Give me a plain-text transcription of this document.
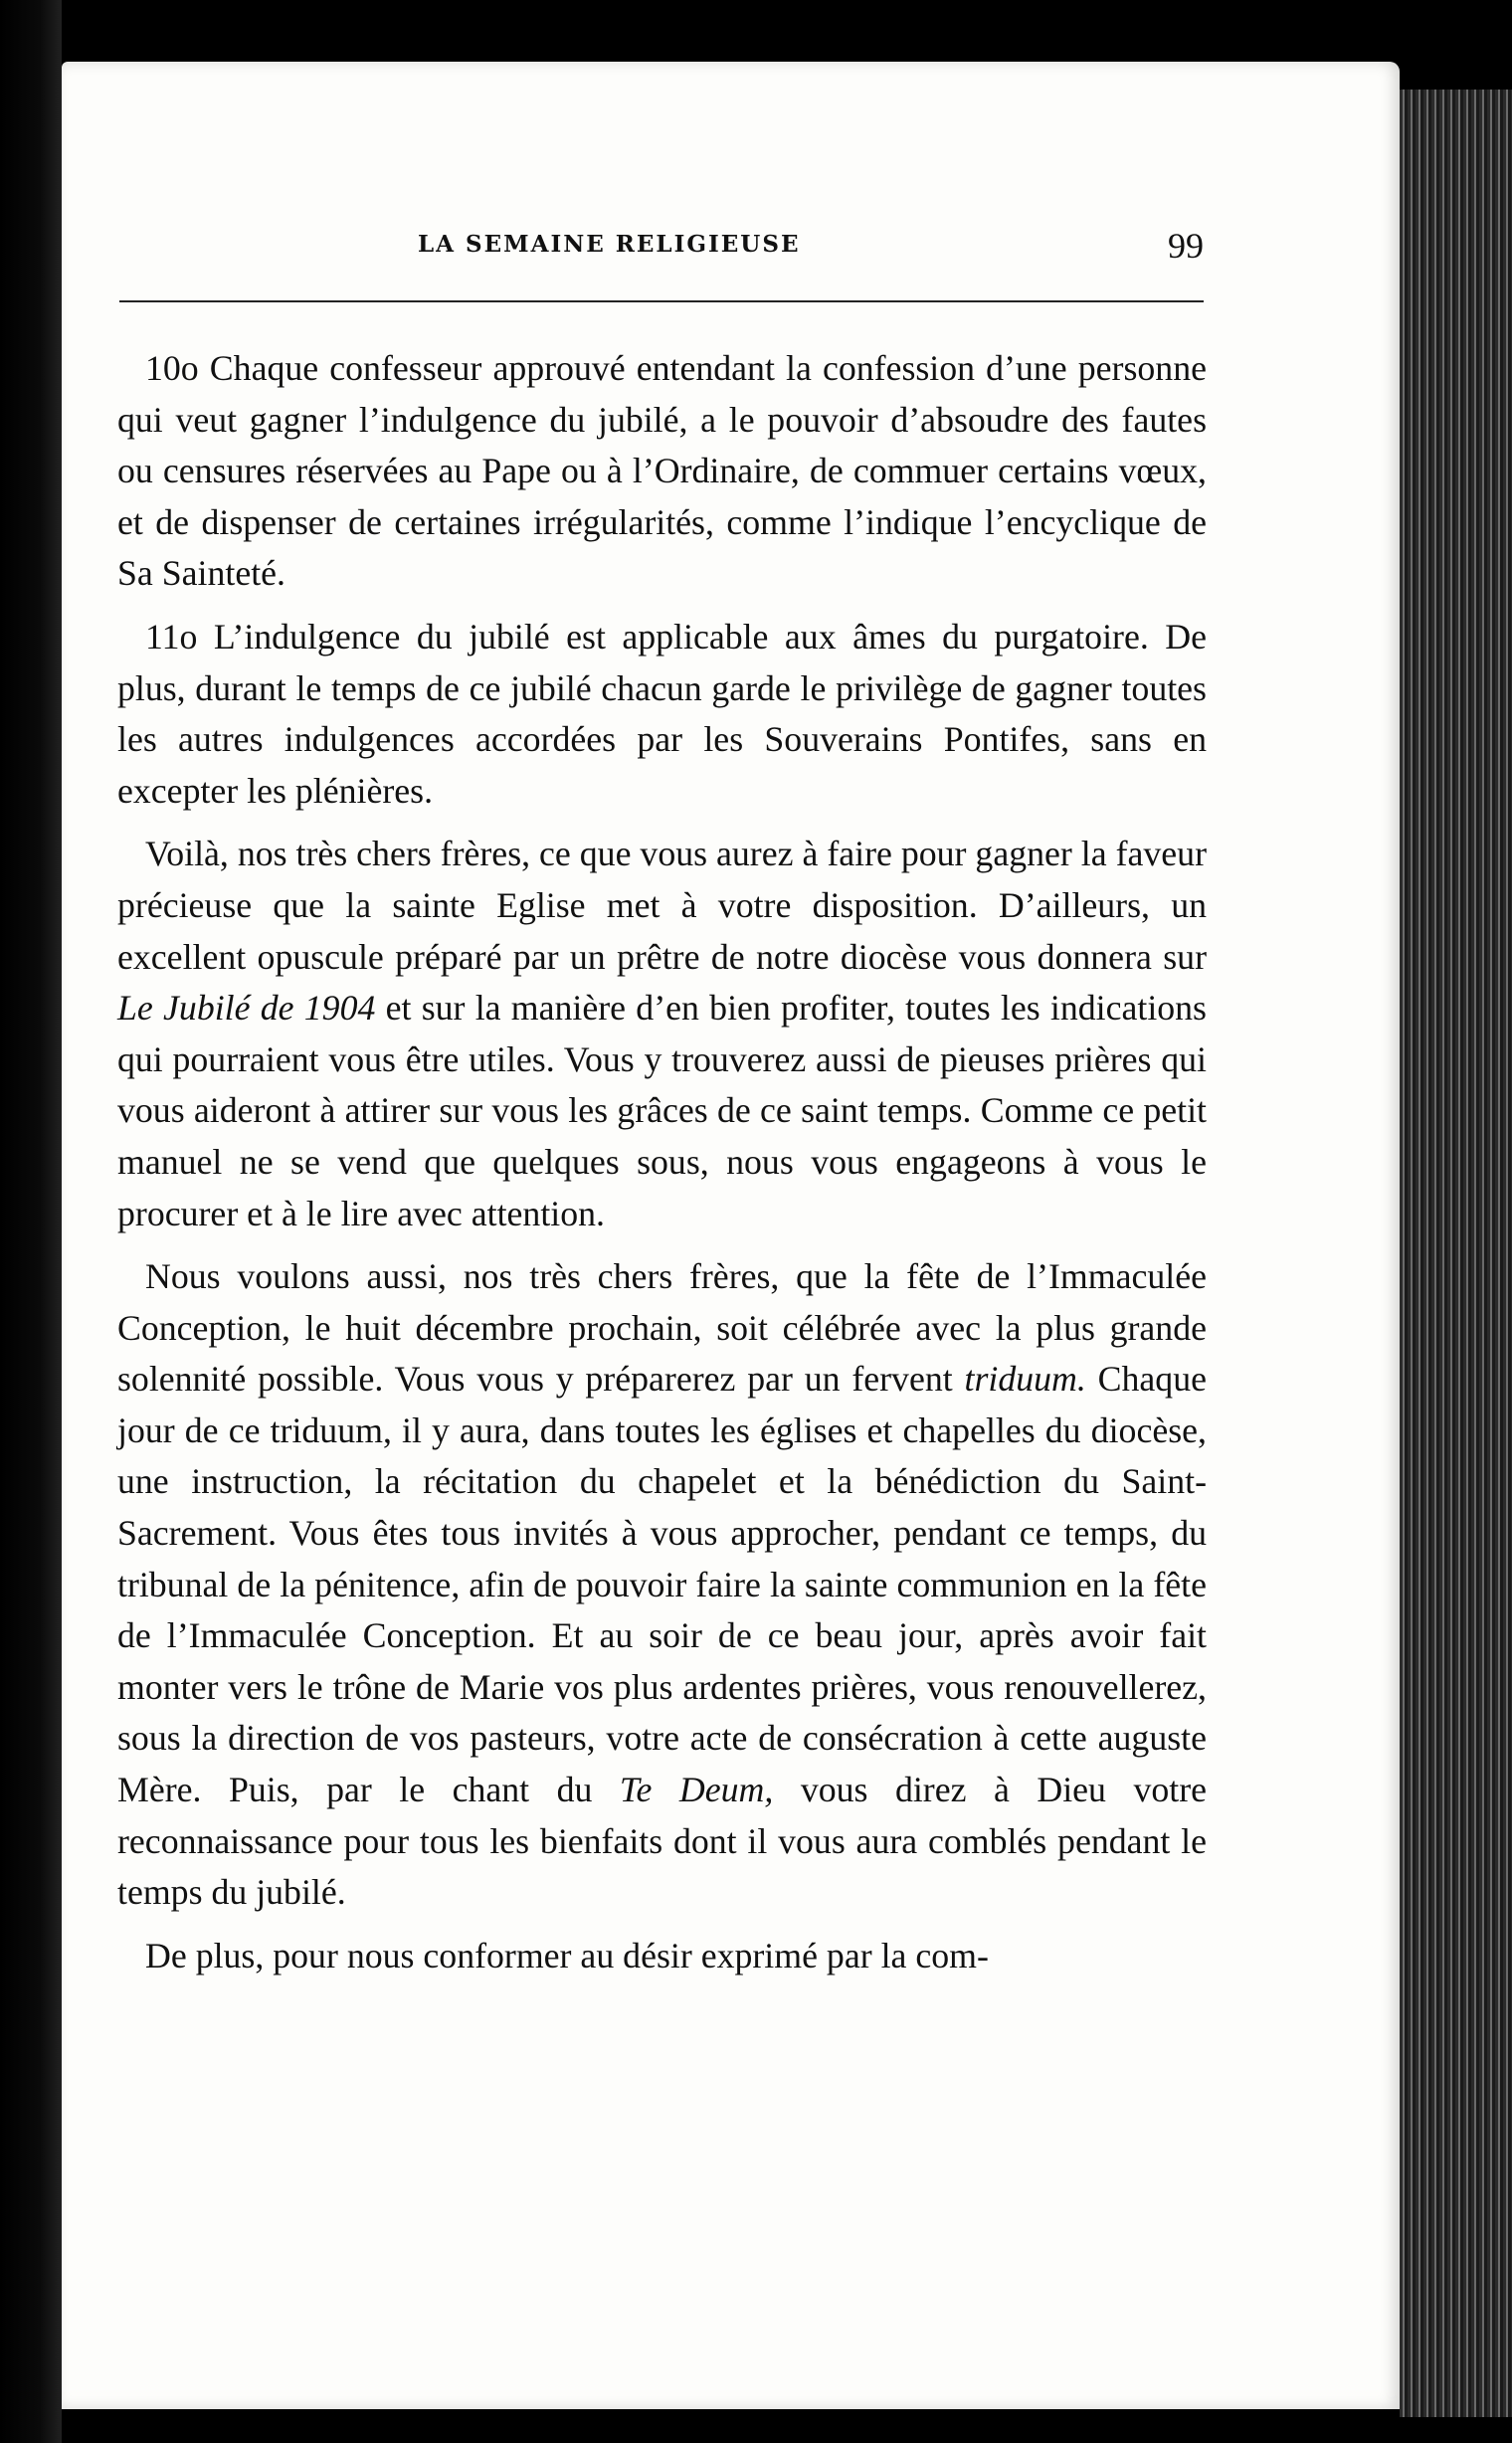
LA SEMAINE RELIGIEUSE	99

10o Chaque confesseur approuvé entendant la confession d’une personne qui veut gagner l’indulgence du jubilé, a le pouvoir d’absoudre des fautes ou censures réservées au Pape ou à l’Ordinaire, de commuer certains vœux, et de dispenser de certaines irrégularités, comme l’indique l’encyclique de Sa Sainteté.

11o L’indulgence du jubilé est applicable aux âmes du purgatoire. De plus, durant le temps de ce jubilé chacun garde le privilège de gagner toutes les autres indulgences accordées par les Souverains Pontifes, sans en excepter les plénières.

Voilà, nos très chers frères, ce que vous aurez à faire pour gagner la faveur précieuse que la sainte Eglise met à votre disposition. D’ailleurs, un excellent opuscule préparé par un prêtre de notre diocèse vous donnera sur Le Jubilé de 1904 et sur la manière d’en bien profiter, toutes les indications qui pourraient vous être utiles. Vous y trouverez aussi de pieuses prières qui vous aideront à attirer sur vous les grâces de ce saint temps. Comme ce petit manuel ne se vend que quelques sous, nous vous engageons à vous le procurer et à le lire avec attention.

Nous voulons aussi, nos très chers frères, que la fête de l’Immaculée Conception, le huit décembre prochain, soit célébrée avec la plus grande solennité possible. Vous vous y préparerez par un fervent triduum. Chaque jour de ce triduum, il y aura, dans toutes les églises et chapelles du diocèse, une instruction, la récitation du chapelet et la bénédiction du Saint-Sacrement. Vous êtes tous invités à vous approcher, pendant ce temps, du tribunal de la pénitence, afin de pouvoir faire la sainte communion en la fête de l’Immaculée Conception. Et au soir de ce beau jour, après avoir fait monter vers le trône de Marie vos plus ardentes prières, vous renouvellerez, sous la direction de vos pasteurs, votre acte de consécration à cette auguste Mère. Puis, par le chant du Te Deum, vous direz à Dieu votre reconnaissance pour tous les bienfaits dont il vous aura comblés pendant le temps du jubilé.

De plus, pour nous conformer au désir exprimé par la com-
